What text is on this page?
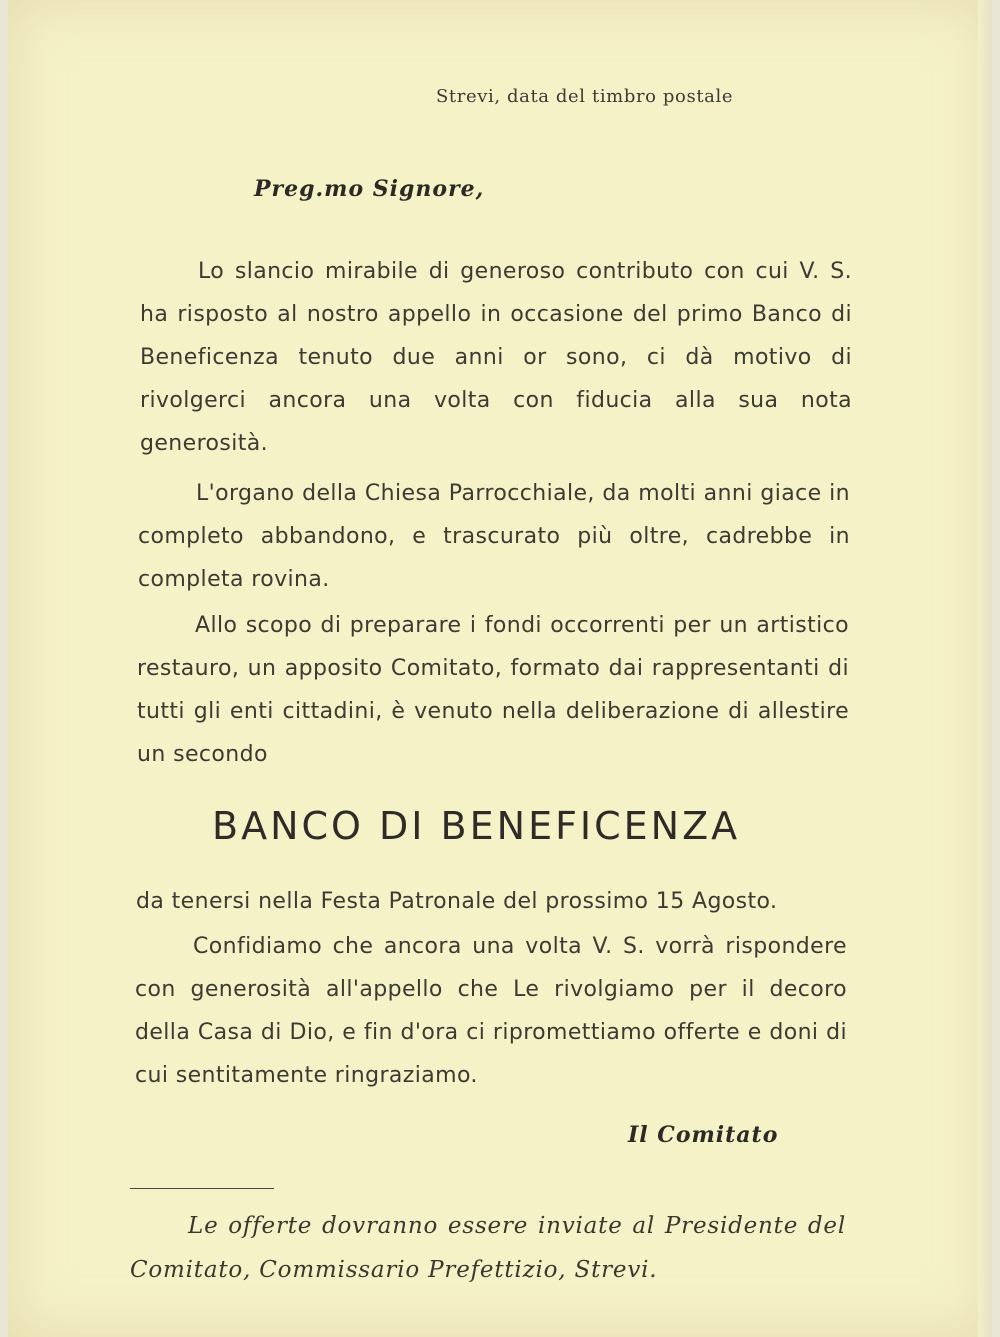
Strevi, data del timbro postale
Preg.mo Signore,
Lo slancio mirabile di generoso contributo con cui V. S. ha risposto al nostro appello in occasione del primo Banco di Beneficenza tenuto due anni or sono, ci dà motivo di rivolgerci ancora una volta con fiducia alla sua nota generosità.
L'organo della Chiesa Parrocchiale, da molti anni giace in completo abbandono, e trascurato più oltre, cadrebbe in completa rovina.
Allo scopo di preparare i fondi occorrenti per un artistico restauro, un apposito Comitato, formato dai rappresentanti di tutti gli enti cittadini, è venuto nella deliberazione di allestire un secondo
BANCO DI BENEFICENZA
da tenersi nella Festa Patronale del prossimo 15 Agosto.
Confidiamo che ancora una volta V. S. vorrà rispondere con generosità all'appello che Le rivolgiamo per il decoro della Casa di Dio, e fin d'ora ci ripromettiamo offerte e doni di cui sentitamente ringraziamo.
Il Comitato
Le offerte dovranno essere inviate al Presidente del Comitato, Commissario Prefettizio, Strevi.
